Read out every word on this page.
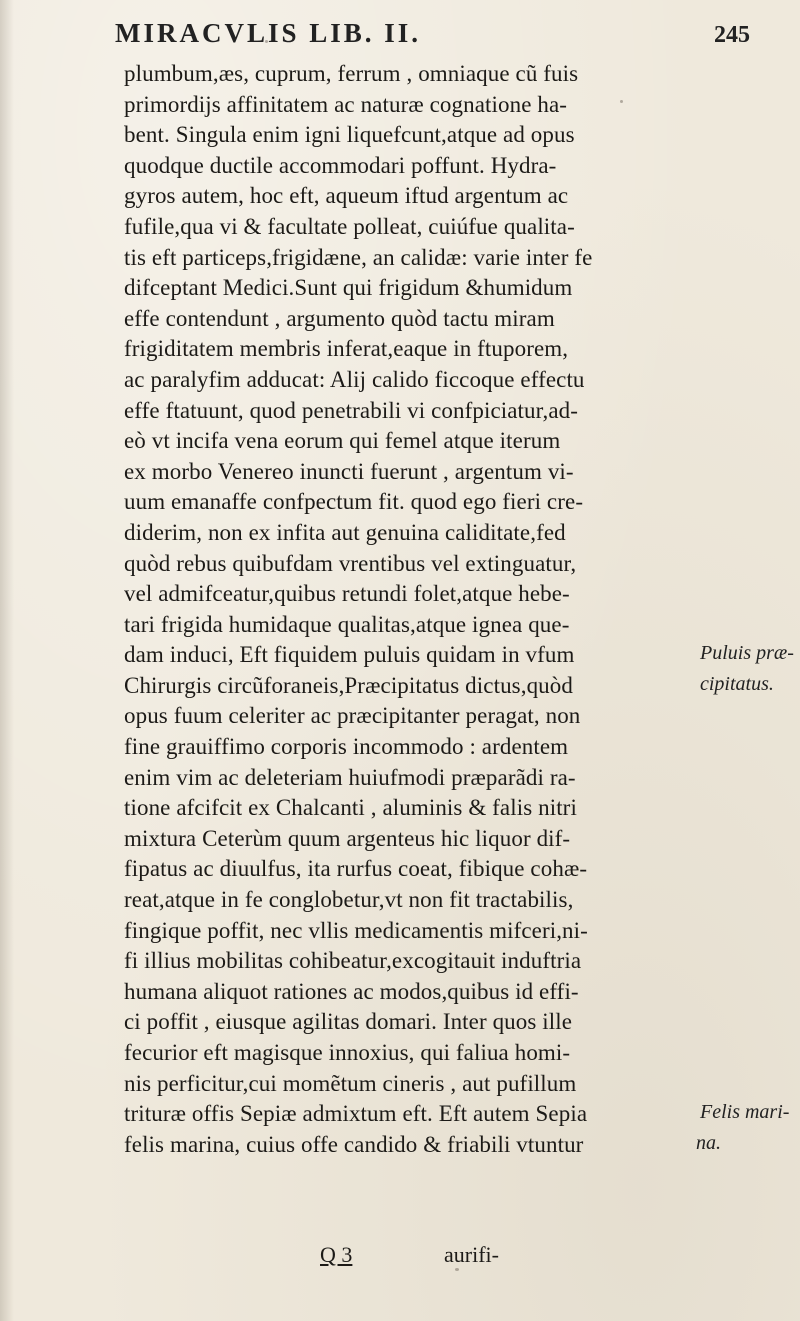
MIRACVLIS LIB. II.	245
plumbum,æs, cuprum, ferrum , omniaque cũ fuis
primordijs affinitatem ac naturæ cognatione ha-
bent. Singula enim igni liquefcunt,atque ad opus
quodque ductile accommodari poffunt. Hydra-
gyros autem, hoc eft, aqueum iftud argentum ac
fufile,qua vi & facultate polleat, cuiúfue qualita-
tis eft particeps,frigidæne, an calidæ: varie inter fe
difceptant Medici.Sunt qui frigidum &humidum
effe contendunt , argumento quòd tactu miram
frigiditatem membris inferat,eaque in ftuporem,
ac paralyfim adducat: Alij calido ficcoque effectu
effe ftatuunt, quod penetrabili vi confpiciatur,ad-
eò vt incifa vena eorum qui femel atque iterum
ex morbo Venereo inuncti fuerunt , argentum vi-
uum emanaffe confpectum fit. quod ego fieri cre-
diderim, non ex infita aut genuina caliditate,fed
quòd rebus quibufdam vrentibus vel extinguatur,
vel admifceatur,quibus retundi folet,atque hebe-
tari frigida humidaque qualitas,atque ignea que-
dam induci, Eft fiquidem puluis quidam in vfum
Chirurgis circũforaneis,Præcipitatus dictus,quòd
opus fuum celeriter ac præcipitanter peragat, non
fine grauiffimo corporis incommodo : ardentem
enim vim ac deleteriam huiufmodi præparãdi ra-
tione afcifcit ex Chalcanti , aluminis & falis nitri
mixtura Ceterùm quum argenteus hic liquor dif-
fipatus ac diuulfus, ita rurfus coeat, fibique cohæ-
reat,atque in fe conglobetur,vt non fit tractabilis,
fingique poffit, nec vllis medicamentis mifceri,ni-
fi illius mobilitas cohibeatur,excogitauit induftria
humana aliquot rationes ac modos,quibus id effi-
ci poffit , eiusque agilitas domari. Inter quos ille
fecurior eft magisque innoxius, qui faliua homi-
nis perficitur,cui momẽtum cineris , aut pufillum
trituræ offis Sepiæ admixtum eft. Eft autem Sepia
felis marina, cuius offe candido & friabili vtuntur
Puluis præ-
cipitatus.
Felis mari-
na.
Q 3	aurifi-
